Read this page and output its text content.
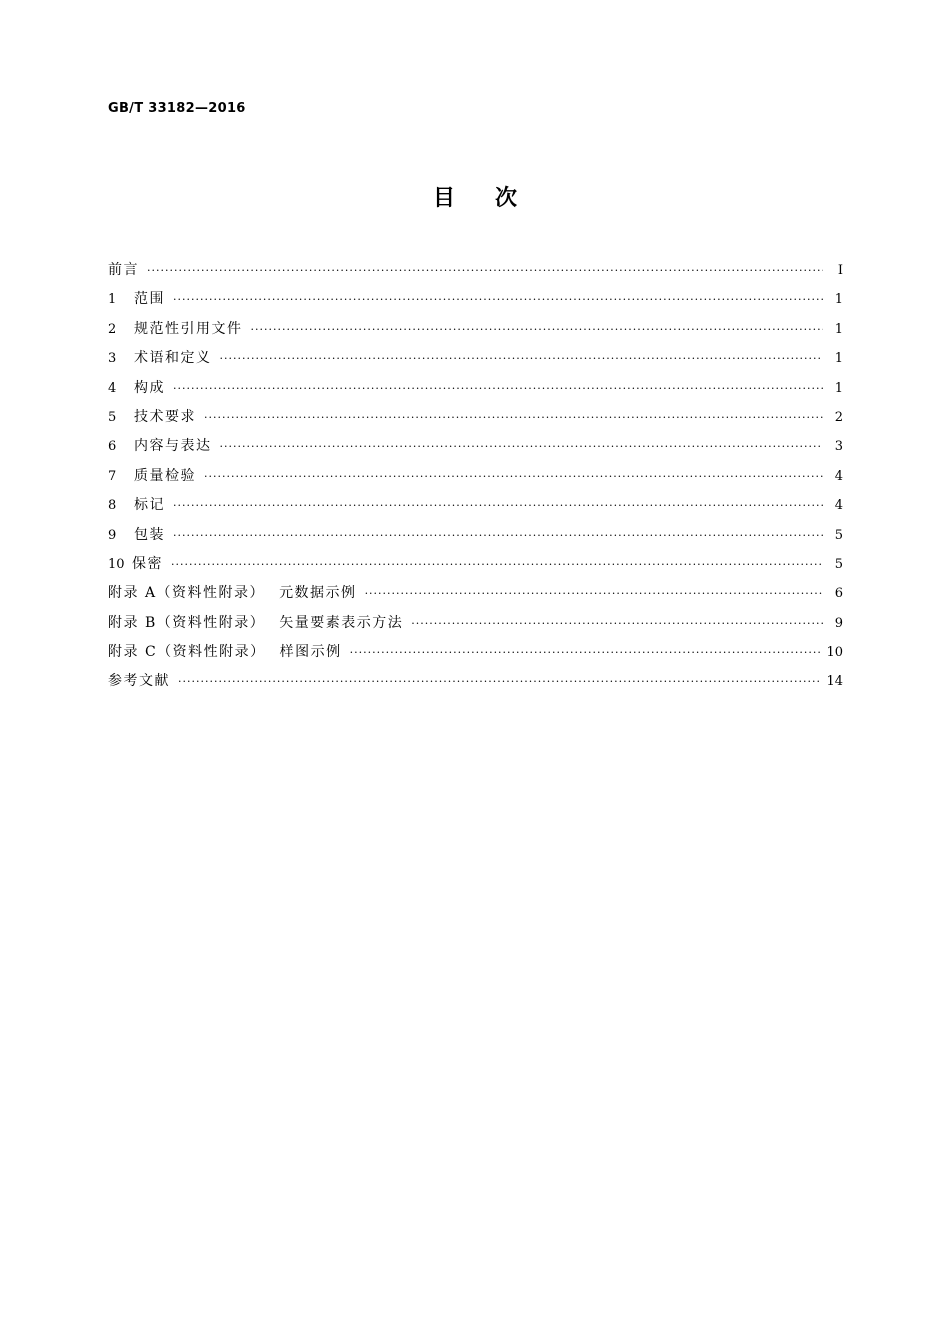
GB/T 33182—2016
目次
前言 ·····	Ⅰ
1	范围 ·····	1
2	规范性引用文件 ·····	1
3	术语和定义 ·····	1
4	构成 ·····	1
5	技术要求 ·····	2
6	内容与表达 ·····	3
7	质量检验 ·····	4
8	标记 ·····	4
9	包装 ·····	5
10 保密 ·····	5
附录 A（资料性附录） 元数据示例 ·····	6
附录 B（资料性附录） 矢量要素表示方法 ·····	9
附录 C（资料性附录） 样图示例 ·····	10
参考文献 ·····	14
